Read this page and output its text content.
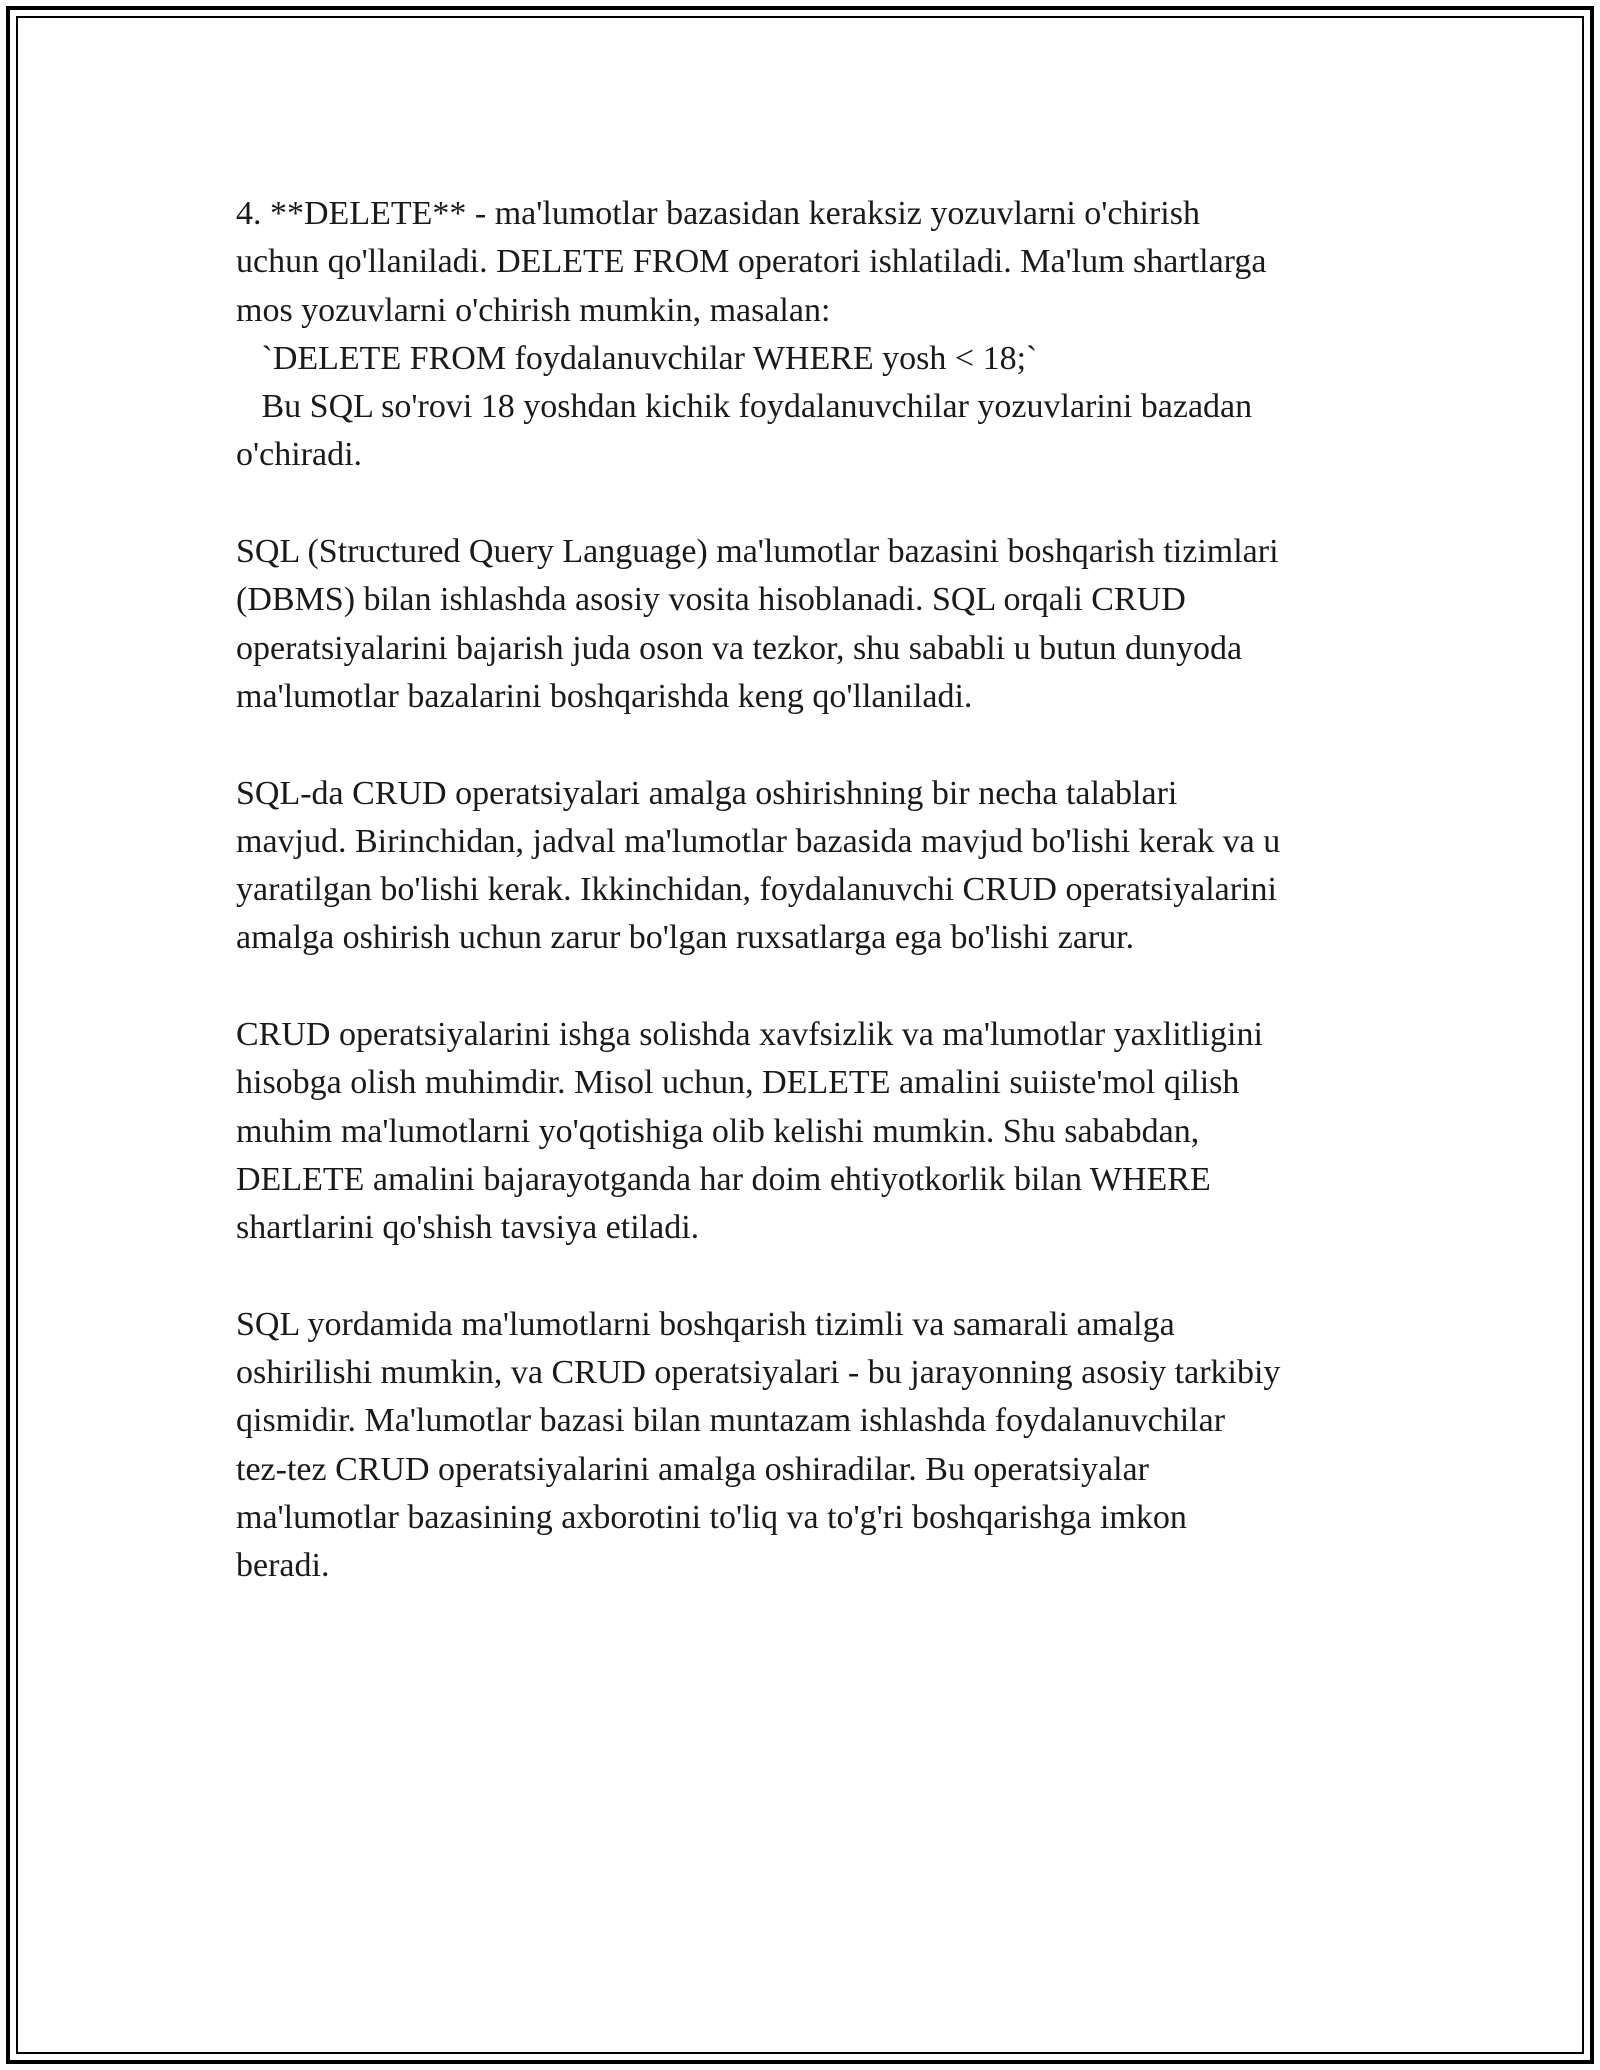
4. **DELETE** - ma'lumotlar bazasidan keraksiz yozuvlarni o'chirish
uchun qo'llaniladi. DELETE FROM operatori ishlatiladi. Ma'lum shartlarga
mos yozuvlarni o'chirish mumkin, masalan:
`DELETE FROM foydalanuvchilar WHERE yosh < 18;`
Bu SQL so'rovi 18 yoshdan kichik foydalanuvchilar yozuvlarini bazadan
o'chiradi.

SQL (Structured Query Language) ma'lumotlar bazasini boshqarish tizimlari
(DBMS) bilan ishlashda asosiy vosita hisoblanadi. SQL orqali CRUD
operatsiyalarini bajarish juda oson va tezkor, shu sababli u butun dunyoda
ma'lumotlar bazalarini boshqarishda keng qo'llaniladi.

SQL-da CRUD operatsiyalari amalga oshirishning bir necha talablari
mavjud. Birinchidan, jadval ma'lumotlar bazasida mavjud bo'lishi kerak va u
yaratilgan bo'lishi kerak. Ikkinchidan, foydalanuvchi CRUD operatsiyalarini
amalga oshirish uchun zarur bo'lgan ruxsatlarga ega bo'lishi zarur.

CRUD operatsiyalarini ishga solishda xavfsizlik va ma'lumotlar yaxlitligini
hisobga olish muhimdir. Misol uchun, DELETE amalini suiiste'mol qilish
muhim ma'lumotlarni yo'qotishiga olib kelishi mumkin. Shu sababdan,
DELETE amalini bajarayotganda har doim ehtiyotkorlik bilan WHERE
shartlarini qo'shish tavsiya etiladi.

SQL yordamida ma'lumotlarni boshqarish tizimli va samarali amalga
oshirilishi mumkin, va CRUD operatsiyalari - bu jarayonning asosiy tarkibiy
qismidir. Ma'lumotlar bazasi bilan muntazam ishlashda foydalanuvchilar
tez-tez CRUD operatsiyalarini amalga oshiradilar. Bu operatsiyalar
ma'lumotlar bazasining axborotini to'liq va to'g'ri boshqarishga imkon
beradi.
